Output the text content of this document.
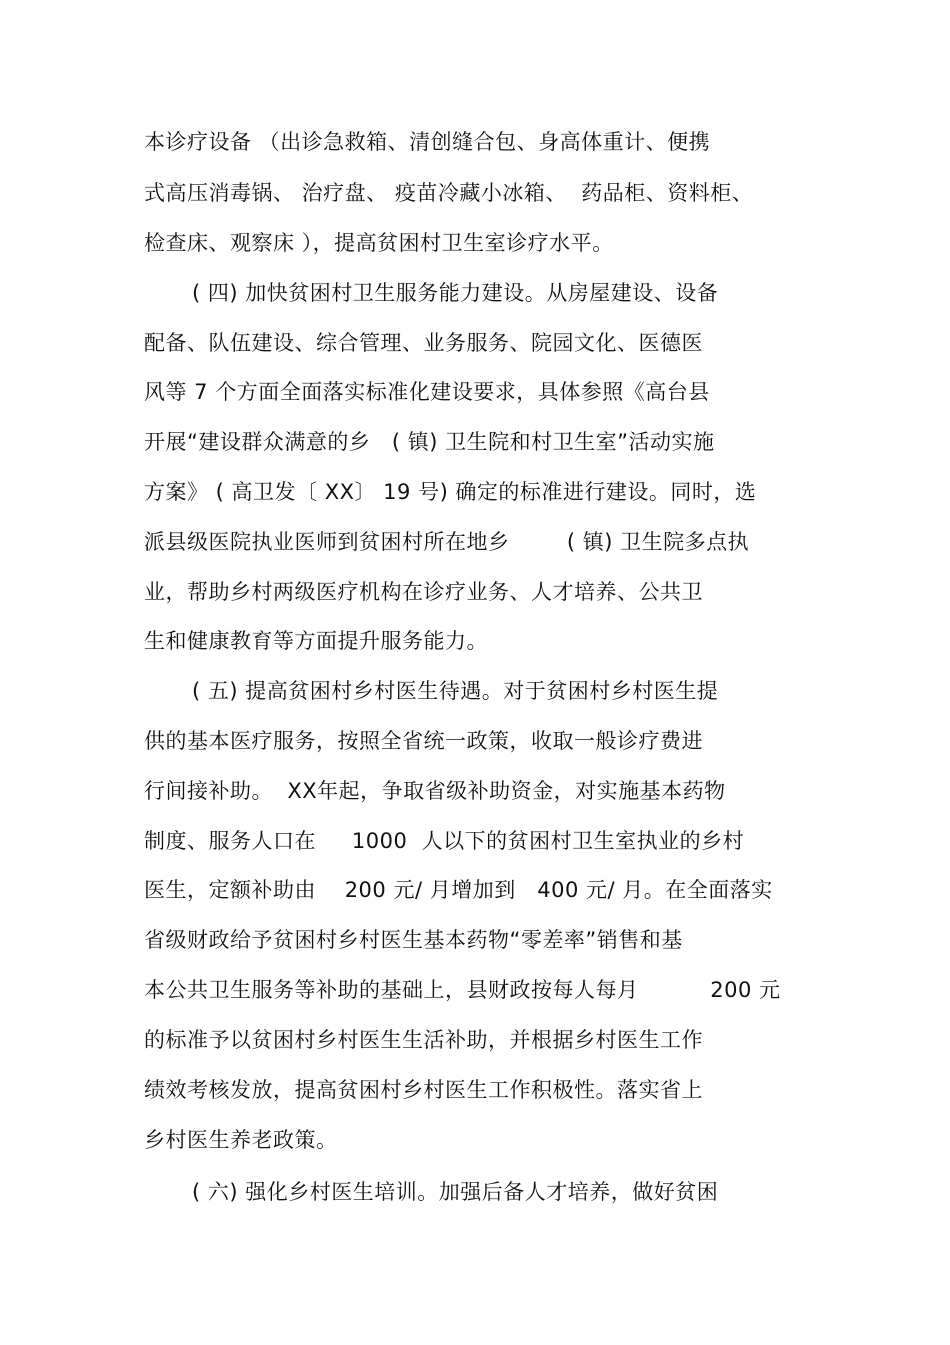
本诊疗设备 （出诊急救箱、清创缝合包、身高体重计、便携
式高压消毒锅、 治疗盘、 疫苗冷藏小冰箱、  药品柜、资料柜、
检查床、观察床 ），提高贫困村卫生室诊疗水平。
( 四) 加快贫困村卫生服务能力建设。从房屋建设、设备
配备、队伍建设、综合管理、业务服务、院园文化、医德医
风等 7 个方面全面落实标准化建设要求，具体参照《高台县
开展“建设群众满意的乡   ( 镇) 卫生院和村卫生室”活动实施
方案》 ( 高卫发〔 XX〕 19 号) 确定的标准进行建设。同时，选
派县级医院执业医师到贫困村所在地乡        ( 镇) 卫生院多点执
业，帮助乡村两级医疗机构在诊疗业务、人才培养、公共卫
生和健康教育等方面提升服务能力。
( 五) 提高贫困村乡村医生待遇。对于贫困村乡村医生提
供的基本医疗服务，按照全省统一政策，收取一般诊疗费进
行间接补助。  XX年起，争取省级补助资金，对实施基本药物
制度、服务人口在     1000  人以下的贫困村卫生室执业的乡村
医生，定额补助由    200 元/ 月增加到   400 元/ 月。在全面落实
省级财政给予贫困村乡村医生基本药物“零差率”销售和基
本公共卫生服务等补助的基础上，县财政按每人每月          200 元
的标准予以贫困村乡村医生生活补助，并根据乡村医生工作
绩效考核发放，提高贫困村乡村医生工作积极性。落实省上
乡村医生养老政策。
( 六) 强化乡村医生培训。加强后备人才培养，做好贫困
